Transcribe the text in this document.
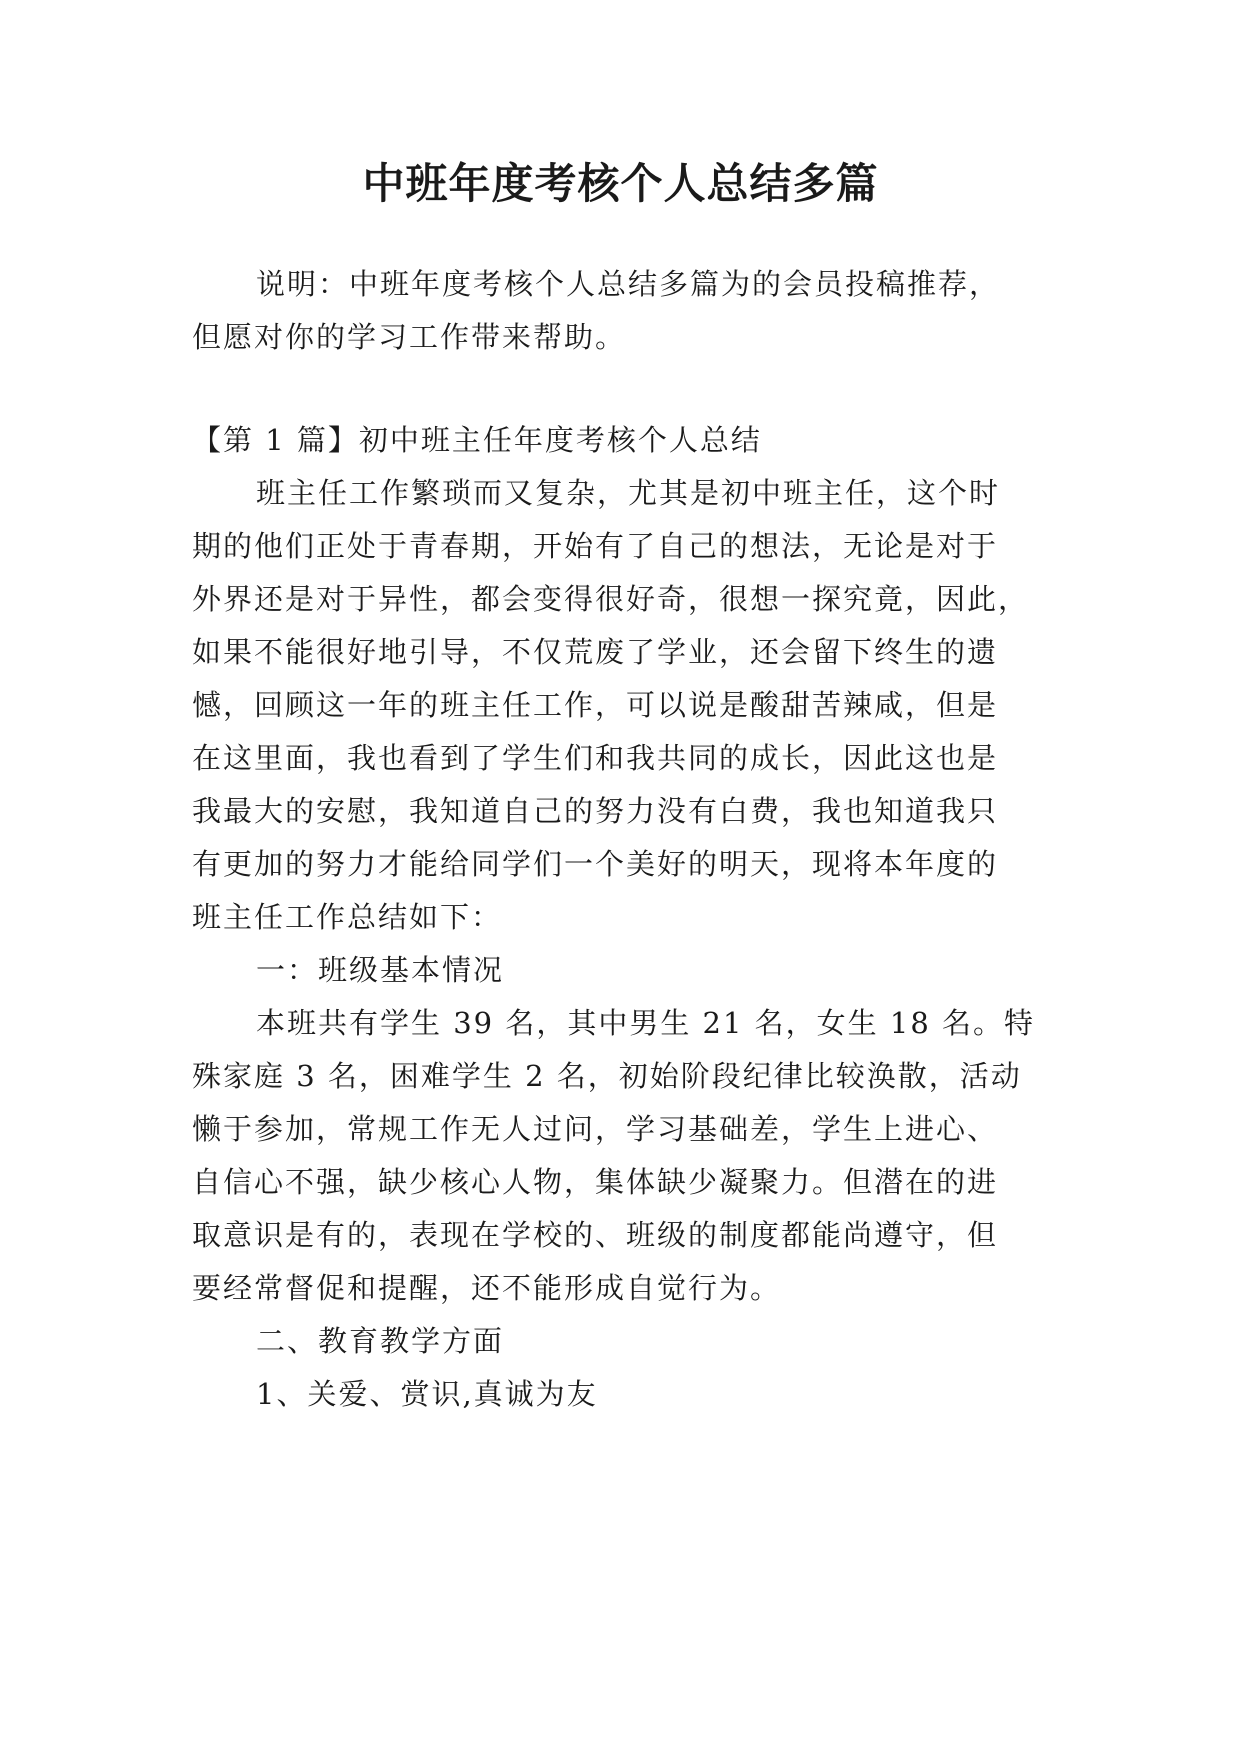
中班年度考核个人总结多篇
说明：中班年度考核个人总结多篇为的会员投稿推荐，
但愿对你的学习工作带来帮助。
【第 1 篇】初中班主任年度考核个人总结
班主任工作繁琐而又复杂，尤其是初中班主任，这个时
期的他们正处于青春期，开始有了自己的想法，无论是对于
外界还是对于异性，都会变得很好奇，很想一探究竟，因此，
如果不能很好地引导，不仅荒废了学业，还会留下终生的遗
憾，回顾这一年的班主任工作，可以说是酸甜苦辣咸，但是
在这里面，我也看到了学生们和我共同的成长，因此这也是
我最大的安慰，我知道自己的努力没有白费，我也知道我只
有更加的努力才能给同学们一个美好的明天，现将本年度的
班主任工作总结如下：
一：班级基本情况
本班共有学生 39 名，其中男生 21 名，女生 18 名。特
殊家庭 3 名，困难学生 2 名，初始阶段纪律比较涣散，活动
懒于参加，常规工作无人过问，学习基础差，学生上进心、
自信心不强，缺少核心人物，集体缺少凝聚力。但潜在的进
取意识是有的，表现在学校的、班级的制度都能尚遵守，但
要经常督促和提醒，还不能形成自觉行为。
二、教育教学方面
1、关爱、赏识,真诚为友
